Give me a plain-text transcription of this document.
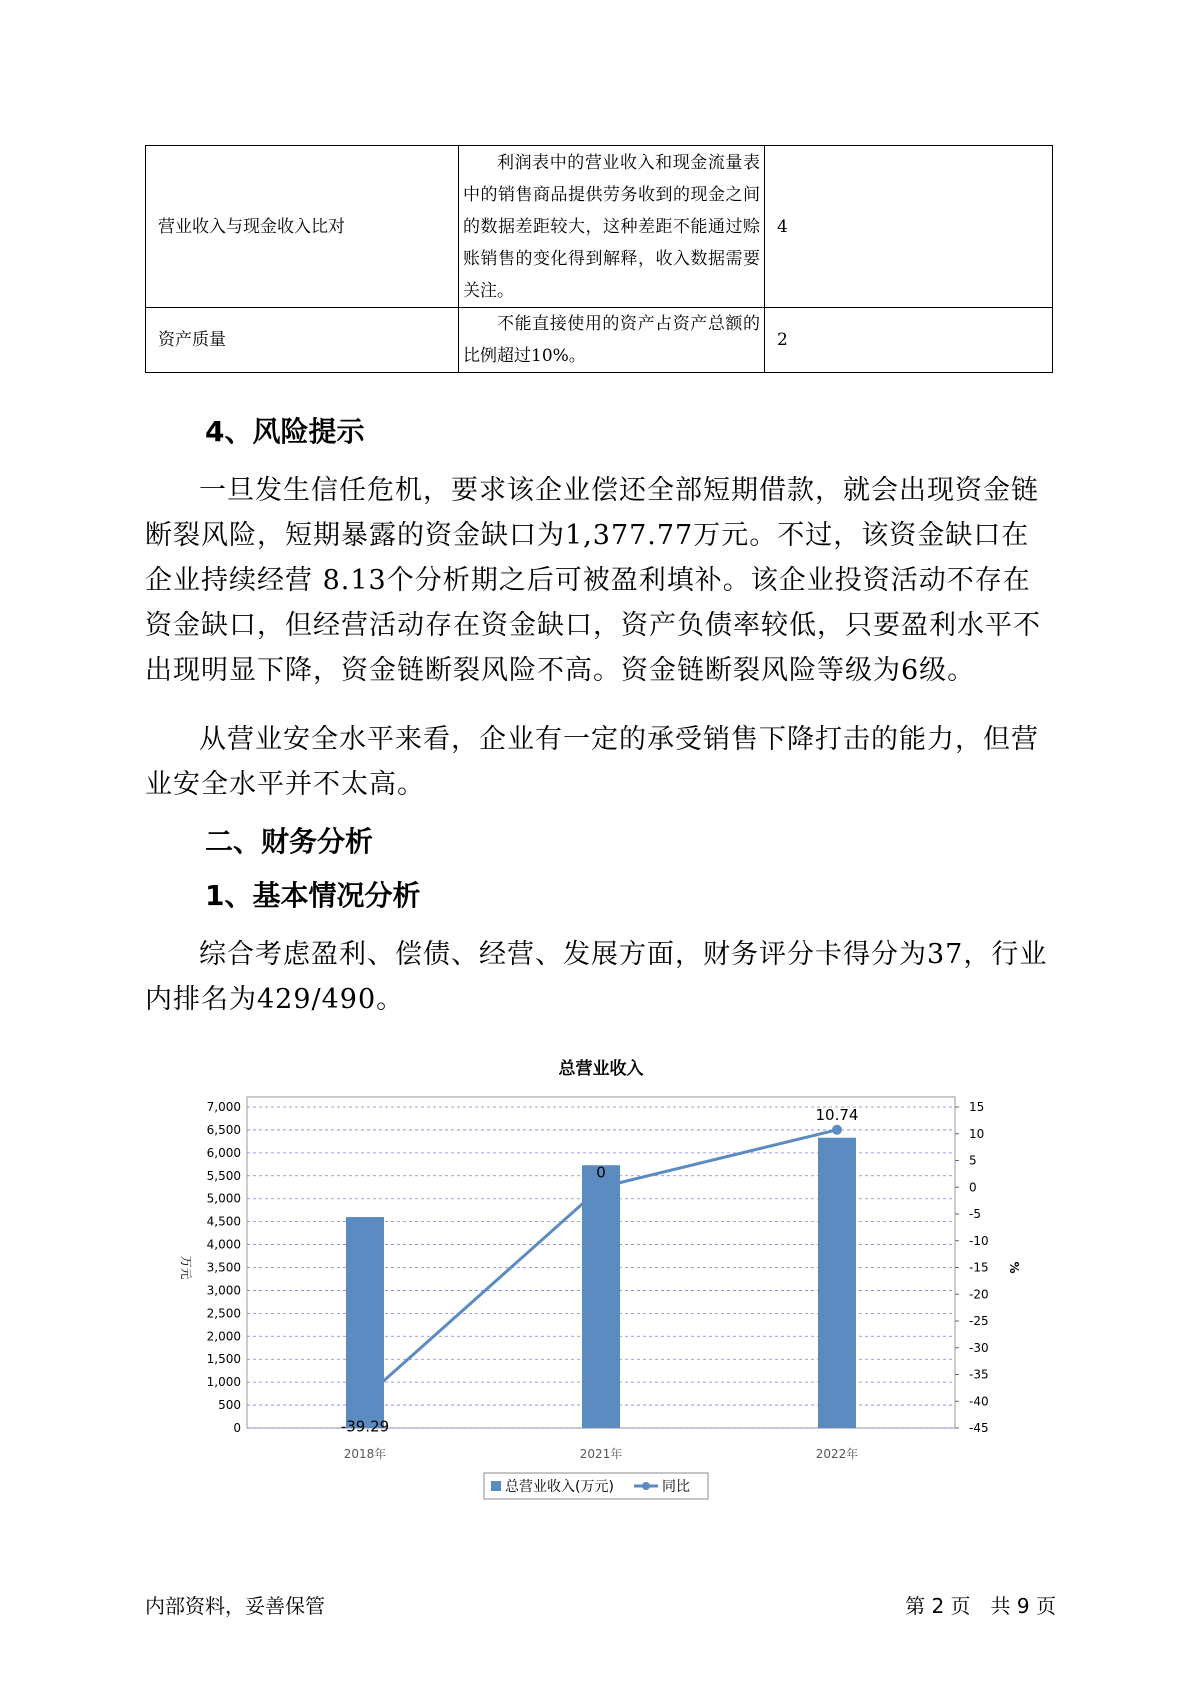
营业收入与现金收入比对	利润表中的营业收入和现金流量表中的销售商品提供劳务收到的现金之间的数据差距较大，这种差距不能通过赊账销售的变化得到解释，收入数据需要关注。	4
资产质量	不能直接使用的资产占资产总额的比例超过10%。	2
4、风险提示

一旦发生信任危机，要求该企业偿还全部短期借款，就会出现资金链断裂风险，短期暴露的资金缺口为1,377.77万元。不过，该资金缺口在企业持续经营 8.13个分析期之后可被盈利填补。该企业投资活动不存在资金缺口，但经营活动存在资金缺口，资产负债率较低，只要盈利水平不出现明显下降，资金链断裂风险不高。资金链断裂风险等级为6级。

从营业安全水平来看，企业有一定的承受销售下降打击的能力，但营业安全水平并不太高。

二、财务分析
1、基本情况分析

综合考虑盈利、偿债、经营、发展方面，财务评分卡得分为37，行业内排名为429/490。

总营业收入
0
500
1,000
1,500
2,000
2,500
3,000
3,500
4,000
4,500
5,000
5,500
6,000
6,500
7,000
-45
-40
-35
-30
-25
-20
-15
-10
-5
0
5
10
15
万元	%
2018年	2021年	2022年
-39.29
0
10.74
总营业收入(万元)	同比
内部资料，妥善保管	第 2 页　共 9 页
